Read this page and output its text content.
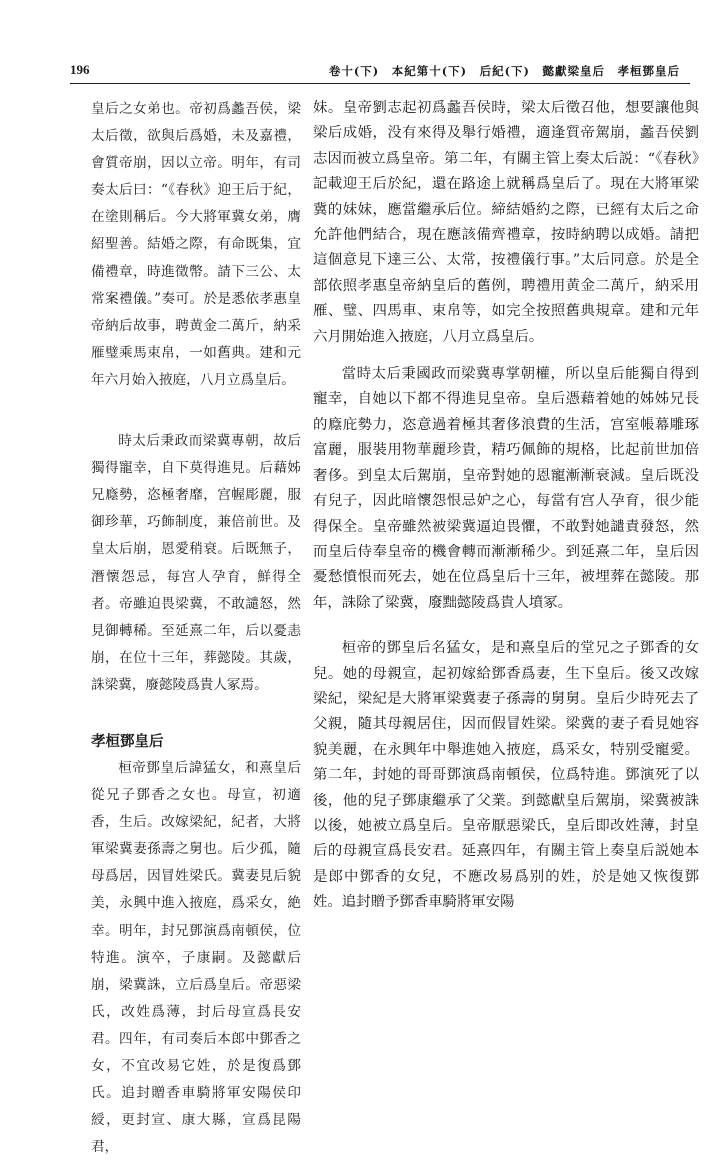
196	卷十(下)　本紀第十(下)　后紀(下)　懿獻梁皇后　孝桓鄧皇后

皇后之女弟也。帝初爲蠡吾侯，梁太后徵，欲與后爲婚，未及嘉禮，會質帝崩，因以立帝。明年，有司奏太后曰：“《春秋》迎王后于紀，在塗則稱后。今大將軍冀女弟，膺紹聖善。結婚之際，有命既集，宜備禮章，時進徵幣。請下三公、太常案禮儀。”奏可。於是悉依孝惠皇帝納后故事，聘黄金二萬斤，納采雁璧乘馬束帛，一如舊典。建和元年六月始入掖庭，八月立爲皇后。

時太后秉政而梁冀專朝，故后獨得寵幸，自下莫得進見。后藉姊兄廕勢，恣極奢靡，宫幄彫麗，服御珍華，巧飾制度，兼倍前世。及皇太后崩，恩愛稍衰。后既無子，潛懷怨忌，每宫人孕育，鮮得全者。帝雖迫畏梁冀，不敢譴怒，然見御轉稀。至延熹二年，后以憂恚崩，在位十三年，葬懿陵。其歲，誅梁冀，廢懿陵爲貴人冢焉。

孝桓鄧皇后

桓帝鄧皇后諱猛女，和熹皇后從兄子鄧香之女也。母宣，初適香，生后。改嫁梁紀，紀者，大將軍梁冀妻孫壽之舅也。后少孤，隨母爲居，因冒姓梁氏。冀妻見后貌美，永興中進入掖庭，爲采女，絶幸。明年，封兄鄧演爲南頓侯，位特進。演卒，子康嗣。及懿獻后崩，梁冀誅，立后爲皇后。帝惡梁氏，改姓爲薄，封后母宣爲長安君。四年，有司奏后本郎中鄧香之女，不宜改易它姓，於是復爲鄧氏。追封贈香車騎將軍安陽侯印綬，更封宣、康大縣，宣爲昆陽君，

妹。皇帝劉志起初爲蠡吾侯時，梁太后徵召他，想要讓他與梁后成婚，没有來得及舉行婚禮，適逢質帝駕崩，蠡吾侯劉志因而被立爲皇帝。第二年，有關主管上奏太后説：“《春秋》記載迎王后於紀，還在路途上就稱爲皇后了。現在大將軍梁冀的妹妹，應當繼承后位。締結婚約之際，已經有太后之命允許他們結合，現在應該備齊禮章，按時納聘以成婚。請把這個意見下達三公、太常，按禮儀行事。”太后同意。於是全部依照孝惠皇帝納皇后的舊例，聘禮用黄金二萬斤，納采用雁、璧、四馬車、束帛等，如完全按照舊典規章。建和元年六月開始進入掖庭，八月立爲皇后。

當時太后秉國政而梁冀專掌朝權，所以皇后能獨自得到寵幸，自她以下都不得進見皇帝。皇后憑藉着她的姊姊兄長的廕庇勢力，恣意過着極其奢侈浪費的生活，宫室帳幕雕琢富麗，服裝用物華麗珍貴，精巧佩飾的規格，比起前世加倍奢侈。到皇太后駕崩，皇帝對她的恩寵漸漸衰減。皇后既没有兒子，因此暗懷怨恨忌妒之心，每當有宫人孕育，很少能得保全。皇帝雖然被梁冀逼迫畏懼，不敢對她譴責發怒，然而皇后侍奉皇帝的機會轉而漸漸稀少。到延熹二年，皇后因憂愁憤恨而死去，她在位爲皇后十三年，被埋葬在懿陵。那年，誅除了梁冀，廢黜懿陵爲貴人墳冢。

桓帝的鄧皇后名猛女，是和熹皇后的堂兄之子鄧香的女兒。她的母親宣，起初嫁給鄧香爲妻，生下皇后。後又改嫁梁紀，梁紀是大將軍梁冀妻子孫壽的舅舅。皇后少時死去了父親，隨其母親居住，因而假冒姓梁。梁冀的妻子看見她容貌美麗，在永興年中舉進她入掖庭，爲采女，特别受寵愛。第二年，封她的哥哥鄧演爲南頓侯，位爲特進。鄧演死了以後，他的兒子鄧康繼承了父業。到懿獻皇后駕崩，梁冀被誅以後，她被立爲皇后。皇帝厭惡梁氏，皇后即改姓薄，封皇后的母親宣爲長安君。延熹四年，有關主管上奏皇后説她本是郎中鄧香的女兒，不應改易爲别的姓，於是她又恢復鄧姓。追封贈予鄧香車騎將軍安陽
